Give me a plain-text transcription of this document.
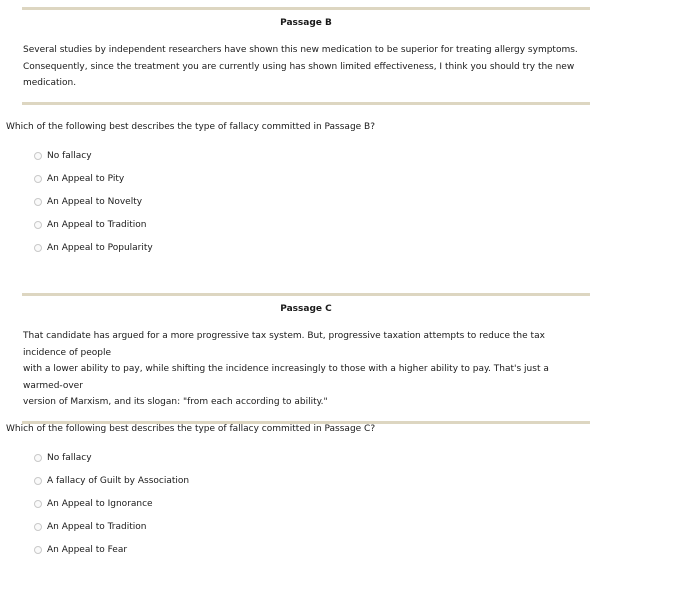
Passage B
Several studies by independent researchers have shown this new medication to be superior for treating allergy symptoms.
Consequently, since the treatment you are currently using has shown limited effectiveness, I think you should try the new medication.
Which of the following best describes the type of fallacy committed in Passage B?
No fallacy
An Appeal to Pity
An Appeal to Novelty
An Appeal to Tradition
An Appeal to Popularity
Passage C
That candidate has argued for a more progressive tax system. But, progressive taxation attempts to reduce the tax incidence of people
with a lower ability to pay, while shifting the incidence increasingly to those with a higher ability to pay. That's just a warmed-over
version of Marxism, and its slogan: "from each according to ability."
Which of the following best describes the type of fallacy committed in Passage C?
No fallacy
A fallacy of Guilt by Association
An Appeal to Ignorance
An Appeal to Tradition
An Appeal to Fear
